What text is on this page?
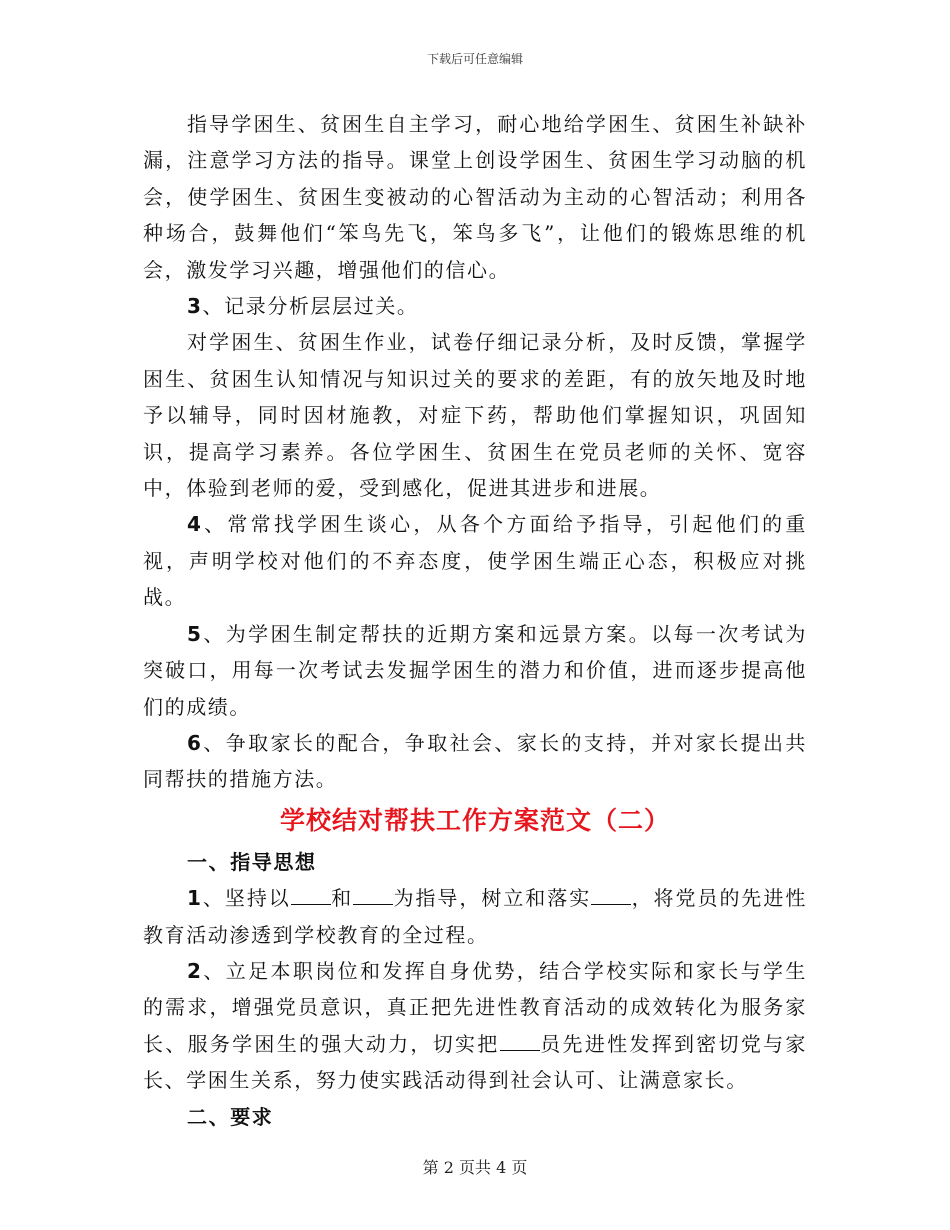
下载后可任意编辑

指导学困生、贫困生自主学习，耐心地给学困生、贫困生补缺补漏，注意学习方法的指导。课堂上创设学困生、贫困生学习动脑的机会，使学困生、贫困生变被动的心智活动为主动的心智活动；利用各种场合，鼓舞他们“笨鸟先飞，笨鸟多飞”，让他们的锻炼思维的机会，激发学习兴趣，增强他们的信心。

3、记录分析层层过关。

对学困生、贫困生作业，试卷仔细记录分析，及时反馈，掌握学困生、贫困生认知情况与知识过关的要求的差距，有的放矢地及时地予以辅导，同时因材施教，对症下药，帮助他们掌握知识，巩固知识，提高学习素养。各位学困生、贫困生在党员老师的关怀、宽容中，体验到老师的爱，受到感化，促进其进步和进展。

4、常常找学困生谈心，从各个方面给予指导，引起他们的重视，声明学校对他们的不弃态度，使学困生端正心态，积极应对挑战。

5、为学困生制定帮扶的近期方案和远景方案。以每一次考试为突破口，用每一次考试去发掘学困生的潜力和价值，进而逐步提高他们的成绩。

6、争取家长的配合，争取社会、家长的支持，并对家长提出共同帮扶的措施方法。

学校结对帮扶工作方案范文（二）

一、指导思想

1、坚持以 和 为指导，树立和落实 ，将党员的先进性教育活动渗透到学校教育的全过程。

2、立足本职岗位和发挥自身优势，结合学校实际和家长与学生的需求，增强党员意识，真正把先进性教育活动的成效转化为服务家长、服务学困生的强大动力，切实把 员先进性发挥到密切党与家长、学困生关系，努力使实践活动得到社会认可、让满意家长。

二、要求

第 2 页共 4 页
